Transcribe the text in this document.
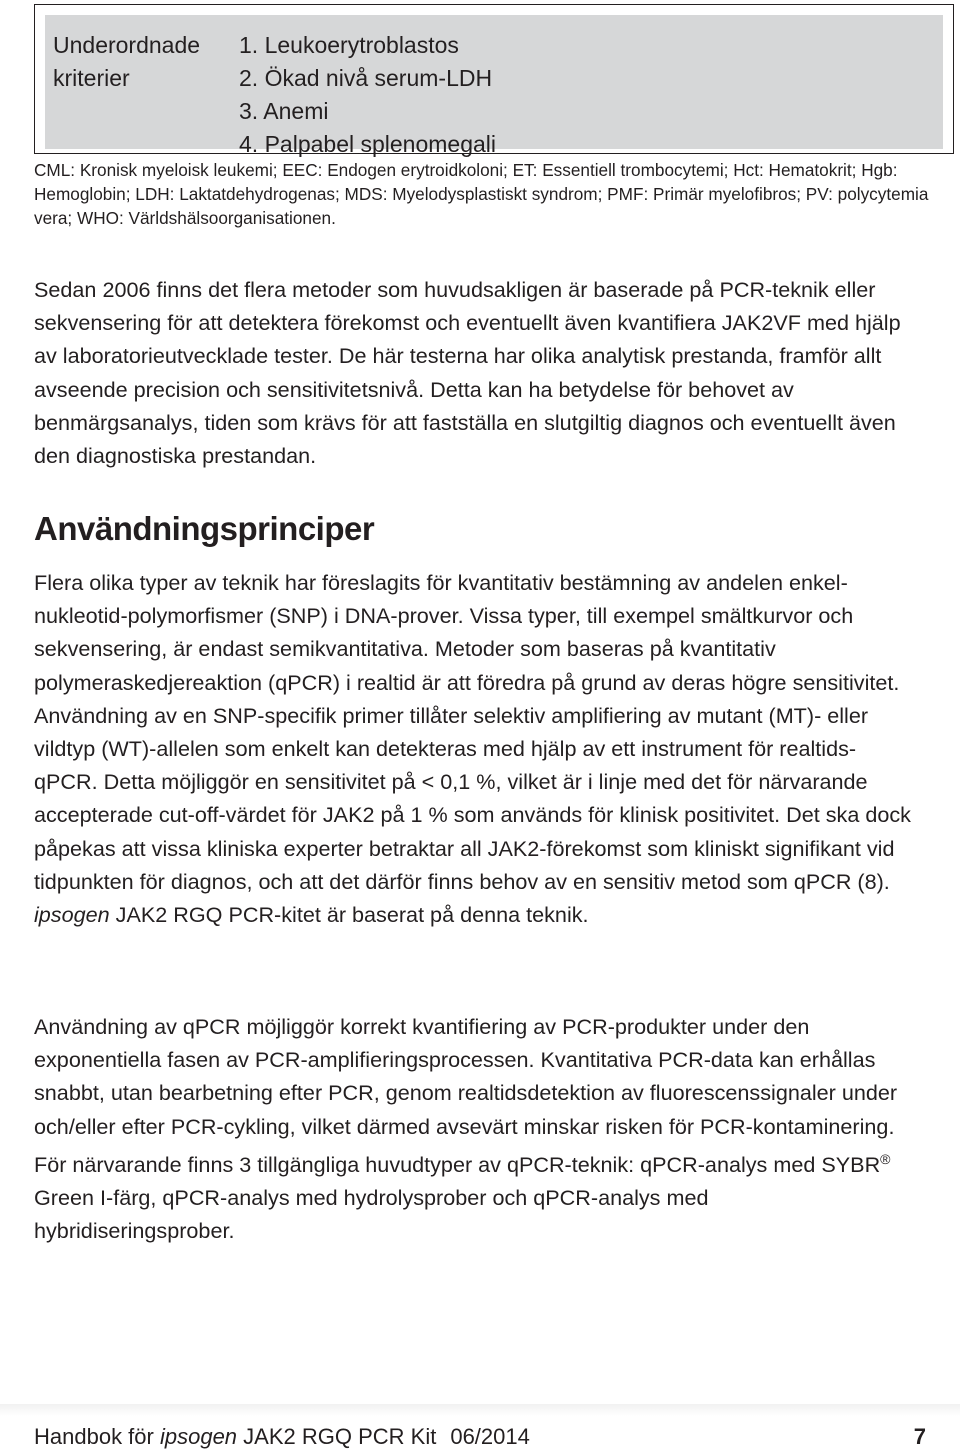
Underordnade
kriterier
1. Leukoerytroblastos
2. Ökad nivå serum-LDH
3. Anemi
4. Palpabel splenomegali

CML: Kronisk myeloisk leukemi; EEC: Endogen erytroidkoloni; ET: Essentiell trombocytemi; Hct: Hematokrit; Hgb: Hemoglobin; LDH: Laktatdehydrogenas; MDS: Myelodysplastiskt syndrom; PMF: Primär myelofibros; PV: polycytemia vera; WHO: Världshälsoorganisationen.

Sedan 2006 finns det flera metoder som huvudsakligen är baserade på PCR-teknik eller sekvensering för att detektera förekomst och eventuellt även kvantifiera JAK2VF med hjälp av laboratorieutvecklade tester. De här testerna har olika analytisk prestanda, framför allt avseende precision och sensitivitetsnivå. Detta kan ha betydelse för behovet av benmärgsanalys, tiden som krävs för att fastställa en slutgiltig diagnos och eventuellt även den diagnostiska prestandan.

Användningsprinciper

Flera olika typer av teknik har föreslagits för kvantitativ bestämning av andelen enkel-nukleotid-polymorfismer (SNP) i DNA-prover. Vissa typer, till exempel smältkurvor och sekvensering, är endast semikvantitativa. Metoder som baseras på kvantitativ polymeraskedjereaktion (qPCR) i realtid är att föredra på grund av deras högre sensitivitet. Användning av en SNP-specifik primer tillåter selektiv amplifiering av mutant (MT)- eller vildtyp (WT)-allelen som enkelt kan detekteras med hjälp av ett instrument för realtids-qPCR. Detta möjliggör en sensitivitet på < 0,1 %, vilket är i linje med det för närvarande accepterade cut-off-värdet för JAK2 på 1 % som används för klinisk positivitet. Det ska dock påpekas att vissa kliniska experter betraktar all JAK2-förekomst som kliniskt signifikant vid tidpunkten för diagnos, och att det därför finns behov av en sensitiv metod som qPCR (8). ipsogen JAK2 RGQ PCR-kitet är baserat på denna teknik.

Användning av qPCR möjliggör korrekt kvantifiering av PCR-produkter under den exponentiella fasen av PCR-amplifieringsprocessen. Kvantitativa PCR-data kan erhållas snabbt, utan bearbetning efter PCR, genom realtidsdetektion av fluorescenssignaler under och/eller efter PCR-cykling, vilket därmed avsevärt minskar risken för PCR-kontaminering. För närvarande finns 3 tillgängliga huvudtyper av qPCR-teknik: qPCR-analys med SYBR® Green I-färg, qPCR-analys med hydrolysprober och qPCR-analys med hybridiseringsprober.

Handbok för ipsogen JAK2 RGQ PCR Kit 06/2014	7
